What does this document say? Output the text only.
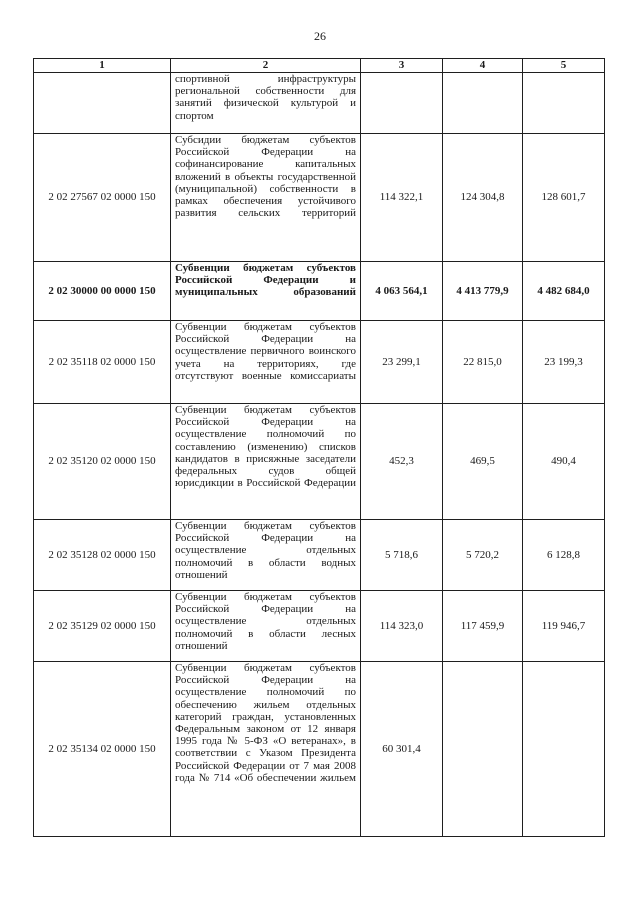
26
1	2	3	4	5
	спортивной инфраструктуры региональной собственности для занятий физической культурой и спортом			
2 02 27567 02 0000 150	Субсидии бюджетам субъектов Российской Федерации на софинансирование капитальных вложений в объекты государственной (муниципальной) собственности в рамках обеспечения устойчивого развития сельских территорий	114 322,1	124 304,8	128 601,7
2 02 30000 00 0000 150	Субвенции бюджетам субъектов Российской Федерации и муниципальных образований	4 063 564,1	4 413 779,9	4 482 684,0
2 02 35118 02 0000 150	Субвенции бюджетам субъектов Российской Федерации на осуществление первичного воинского учета на территориях, где отсутствуют военные комиссариаты	23 299,1	22 815,0	23 199,3
2 02 35120 02 0000 150	Субвенции бюджетам субъектов Российской Федерации на осуществление полномочий по составлению (изменению) списков кандидатов в присяжные заседатели федеральных судов общей юрисдикции в Российской Федерации	452,3	469,5	490,4
2 02 35128 02 0000 150	Субвенции бюджетам субъектов Российской Федерации на осуществление отдельных полномочий в области водных отношений	5 718,6	5 720,2	6 128,8
2 02 35129 02 0000 150	Субвенции бюджетам субъектов Российской Федерации на осуществление отдельных полномочий в области лесных отношений	114 323,0	117 459,9	119 946,7
2 02 35134 02 0000 150	Субвенции бюджетам субъектов Российской Федерации на осуществление полномочий по обеспечению жильем отдельных категорий граждан, установленных Федеральным законом от 12 января 1995 года № 5-ФЗ «О ветеранах», в соответствии с Указом Президента Российской Федерации от 7 мая 2008 года № 714 «Об обеспечении жильем	60 301,4		
